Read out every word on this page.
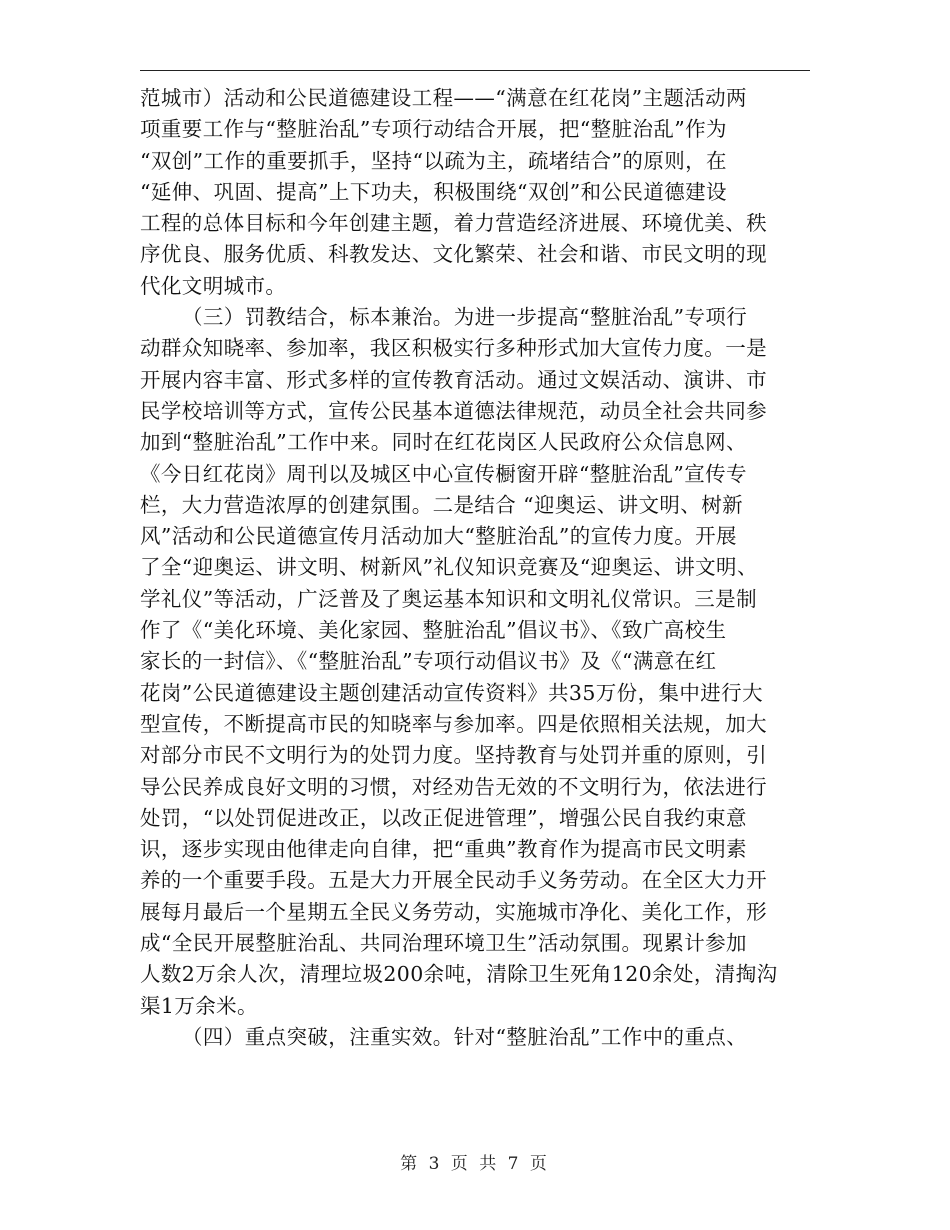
范城市）活动和公民道德建设工程——“满意在红花岗”主题活动两
项重要工作与“整脏治乱”专项行动结合开展，把“整脏治乱”作为
“双创”工作的重要抓手，坚持“以疏为主，疏堵结合”的原则，在
“延伸、巩固、提高”上下功夫，积极围绕“双创”和公民道德建设
工程的总体目标和今年创建主题，着力营造经济进展、环境优美、秩
序优良、服务优质、科教发达、文化繁荣、社会和谐、市民文明的现
代化文明城市。
（三）罚教结合，标本兼治。为进一步提高“整脏治乱”专项行
动群众知晓率、参加率，我区积极实行多种形式加大宣传力度。一是
开展内容丰富、形式多样的宣传教育活动。通过文娱活动、演讲、市
民学校培训等方式，宣传公民基本道德法律规范，动员全社会共同参
加到“整脏治乱”工作中来。同时在红花岗区人民政府公众信息网、
《今日红花岗》周刊以及城区中心宣传橱窗开辟“整脏治乱”宣传专
栏，大力营造浓厚的创建氛围。二是结合 “迎奥运、讲文明、树新
风”活动和公民道德宣传月活动加大“整脏治乱”的宣传力度。开展
了全“迎奥运、讲文明、树新风”礼仪知识竞赛及“迎奥运、讲文明、
学礼仪”等活动，广泛普及了奥运基本知识和文明礼仪常识。三是制
作了《“美化环境、美化家园、整脏治乱”倡议书》、《致广高校生
家长的一封信》、《“整脏治乱”专项行动倡议书》及《“满意在红
花岗”公民道德建设主题创建活动宣传资料》共35万份，集中进行大
型宣传，不断提高市民的知晓率与参加率。四是依照相关法规，加大
对部分市民不文明行为的处罚力度。坚持教育与处罚并重的原则，引
导公民养成良好文明的习惯，对经劝告无效的不文明行为，依法进行
处罚，“以处罚促进改正，以改正促进管理”，增强公民自我约束意
识，逐步实现由他律走向自律，把“重典”教育作为提高市民文明素
养的一个重要手段。五是大力开展全民动手义务劳动。在全区大力开
展每月最后一个星期五全民义务劳动，实施城市净化、美化工作，形
成“全民开展整脏治乱、共同治理环境卫生”活动氛围。现累计参加
人数2万余人次，清理垃圾200余吨，清除卫生死角120余处，清掏沟
渠1万余米。
（四）重点突破，注重实效。针对“整脏治乱”工作中的重点、
第 3 页 共 7 页
